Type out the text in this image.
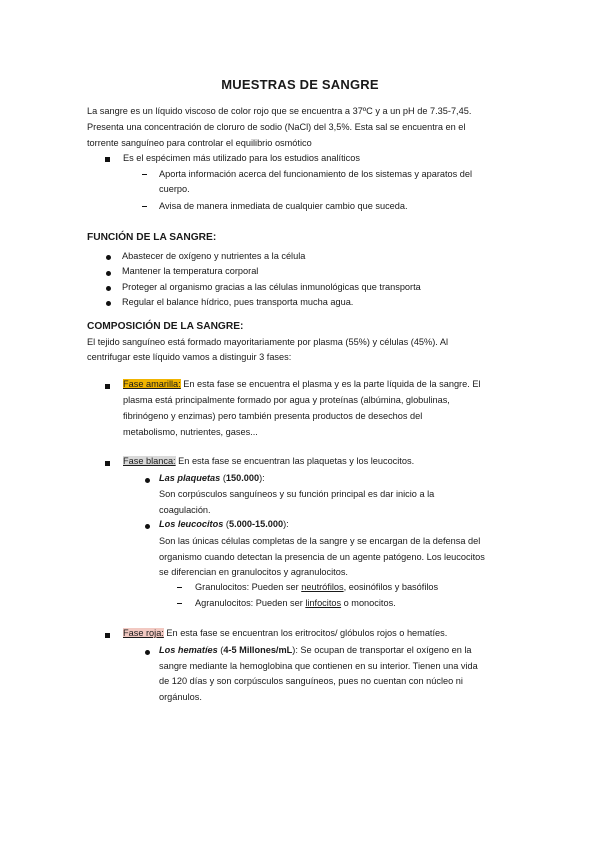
MUESTRAS DE SANGRE
La sangre es un líquido viscoso de color rojo que se encuentra a 37ºC y a un pH de 7.35-7,45.
Presenta una concentración de cloruro de sodio (NaCl) del 3,5%. Esta sal se encuentra en el
torrente sanguíneo para controlar el equilibrio osmótico
Es el espécimen más utilizado para los estudios analíticos
Aporta información acerca del funcionamiento de los sistemas y aparatos del
cuerpo.
Avisa de manera inmediata de cualquier cambio que suceda.
FUNCIÓN DE LA SANGRE:
Abastecer de oxígeno y nutrientes a la célula
Mantener la temperatura corporal
Proteger al organismo gracias a las células inmunológicas que transporta
Regular el balance hídrico, pues transporta mucha agua.
COMPOSICIÓN DE LA SANGRE:
El tejido sanguíneo está formado mayoritariamente por plasma (55%) y células (45%). Al
centrifugar este líquido vamos a distinguir 3 fases:
Fase amarilla: En esta fase se encuentra el plasma y es la parte líquida de la sangre. El
plasma está principalmente formado por agua y proteínas (albúmina, globulinas,
fibrinógeno y enzimas) pero también presenta productos de desechos del
metabolismo, nutrientes, gases...
Fase blanca: En esta fase se encuentran las plaquetas y los leucocitos.
Las plaquetas (150.000):
Son corpúsculos sanguíneos y su función principal es dar inicio a la
coagulación.
Los leucocitos (5.000-15.000):
Son las únicas células completas de la sangre y se encargan de la defensa del
organismo cuando detectan la presencia de un agente patógeno. Los leucocitos
se diferencian en granulocitos y agranulocitos.
Granulocitos: Pueden ser neutrófilos, eosinófilos y basófilos
Agranulocitos: Pueden ser linfocitos o monocitos.
Fase roja: En esta fase se encuentran los eritrocitos/ glóbulos rojos o hematíes.
Los hematíes (4-5 Millones/mL): Se ocupan de transportar el oxígeno en la
sangre mediante la hemoglobina que contienen en su interior. Tienen una vida
de 120 días y son corpúsculos sanguíneos, pues no cuentan con núcleo ni
orgánulos.
